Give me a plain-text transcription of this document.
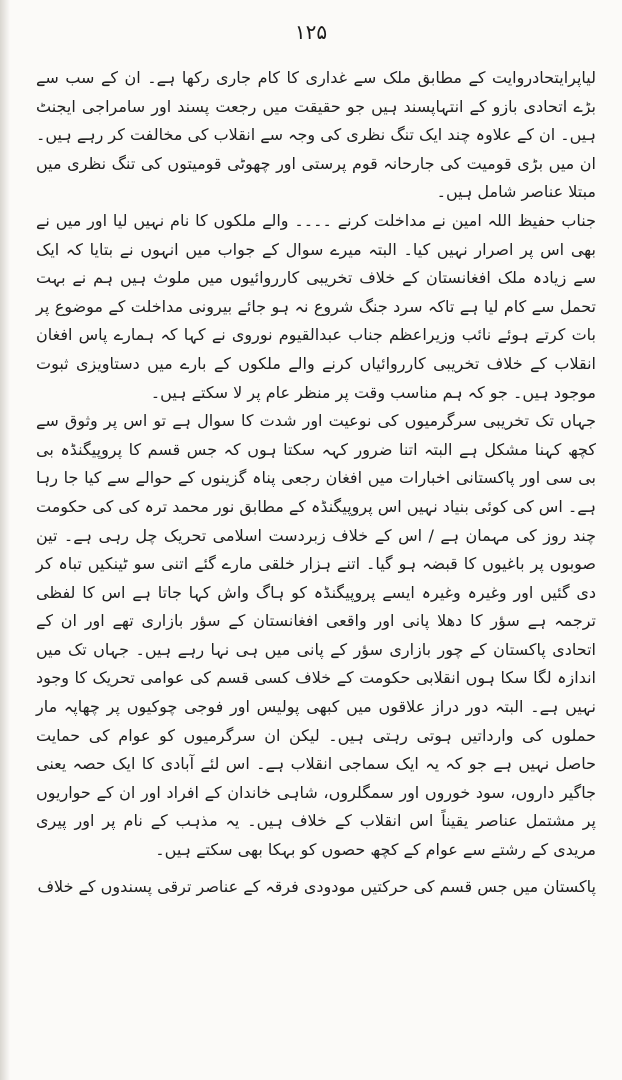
۱۲۵

لیاپرایتحادروایت کے مطابق ملک سے غداری کا کام جاری رکھا ہے۔ ان کے سب سے بڑے اتحادی بازو کے انتہاپسند ہیں جو حقیقت میں رجعت پسند اور سامراجی ایجنٹ ہیں۔ ان کے علاوہ چند ایک تنگ نظری کی وجہ سے انقلاب کی مخالفت کر رہے ہیں۔ ان میں بڑی قومیت کی جارحانہ قوم پرستی اور چھوٹی قومیتوں کی تنگ نظری میں مبتلا عناصر شامل ہیں۔

جناب حفیظ اللہ امین نے مداخلت کرنے ۔۔۔۔ والے ملکوں کا نام نہیں لیا اور میں نے بھی اس پر اصرار نہیں کیا۔ البتہ میرے سوال کے جواب میں انہوں نے بتایا کہ ایک سے زیادہ ملک افغانستان کے خلاف تخریبی کارروائیوں میں ملوث ہیں ہم نے بہت تحمل سے کام لیا ہے تاکہ سرد جنگ شروع نہ ہو جائے بیرونی مداخلت کے موضوع پر بات کرتے ہوئے نائب وزیراعظم جناب عبدالقیوم نوروی نے کہا کہ ہمارے پاس افغان انقلاب کے خلاف تخریبی کارروائیاں کرنے والے ملکوں کے بارے میں دستاویزی ثبوت موجود ہیں۔ جو کہ ہم مناسب وقت پر منظر عام پر لا سکتے ہیں۔

جہاں تک تخریبی سرگرمیوں کی نوعیت اور شدت کا سوال ہے تو اس پر وثوق سے کچھ کہنا مشکل ہے البتہ اتنا ضرور کہہ سکتا ہوں کہ جس قسم کا پروپیگنڈہ بی بی سی اور پاکستانی اخبارات میں افغان رجعی پناہ گزینوں کے حوالے سے کیا جا رہا ہے۔ اس کی کوئی بنیاد نہیں اس پروپیگنڈہ کے مطابق نور محمد ترہ کی کی حکومت چند روز کی مہمان ہے / اس کے خلاف زبردست اسلامی تحریک چل رہی ہے۔ تین صوبوں پر باغیوں کا قبضہ ہو گیا۔ اتنے ہزار خلقی مارے گئے اتنی سو ٹینکیں تباہ کر دی گئیں اور وغیرہ وغیرہ ایسے پروپیگنڈہ کو ہاگ واش کہا جاتا ہے اس کا لفظی ترجمہ ہے سؤر کا دھلا پانی اور واقعی افغانستان کے سؤر بازاری تھے اور ان کے اتحادی پاکستان کے چور بازاری سؤر کے پانی میں ہی نہا رہے ہیں۔ جہاں تک میں اندازہ لگا سکا ہوں انقلابی حکومت کے خلاف کسی قسم کی عوامی تحریک کا وجود نہیں ہے۔ البتہ دور دراز علاقوں میں کبھی پولیس اور فوجی چوکیوں پر چھاپہ مار حملوں کی وارداتیں ہوتی رہتی ہیں۔ لیکن ان سرگرمیوں کو عوام کی حمایت حاصل نہیں ہے جو کہ یہ ایک سماجی انقلاب ہے۔ اس لئے آبادی کا ایک حصہ یعنی جاگیر داروں، سود خوروں اور سمگلروں، شاہی خاندان کے افراد اور ان کے حواریوں پر مشتمل عناصر یقیناً اس انقلاب کے خلاف ہیں۔ یہ مذہب کے نام پر اور پیری مریدی کے رشتے سے عوام کے کچھ حصوں کو بہکا بھی سکتے ہیں۔

پاکستان میں جس قسم کی حرکتیں مودودی فرقہ کے عناصر ترقی پسندوں کے خلاف
